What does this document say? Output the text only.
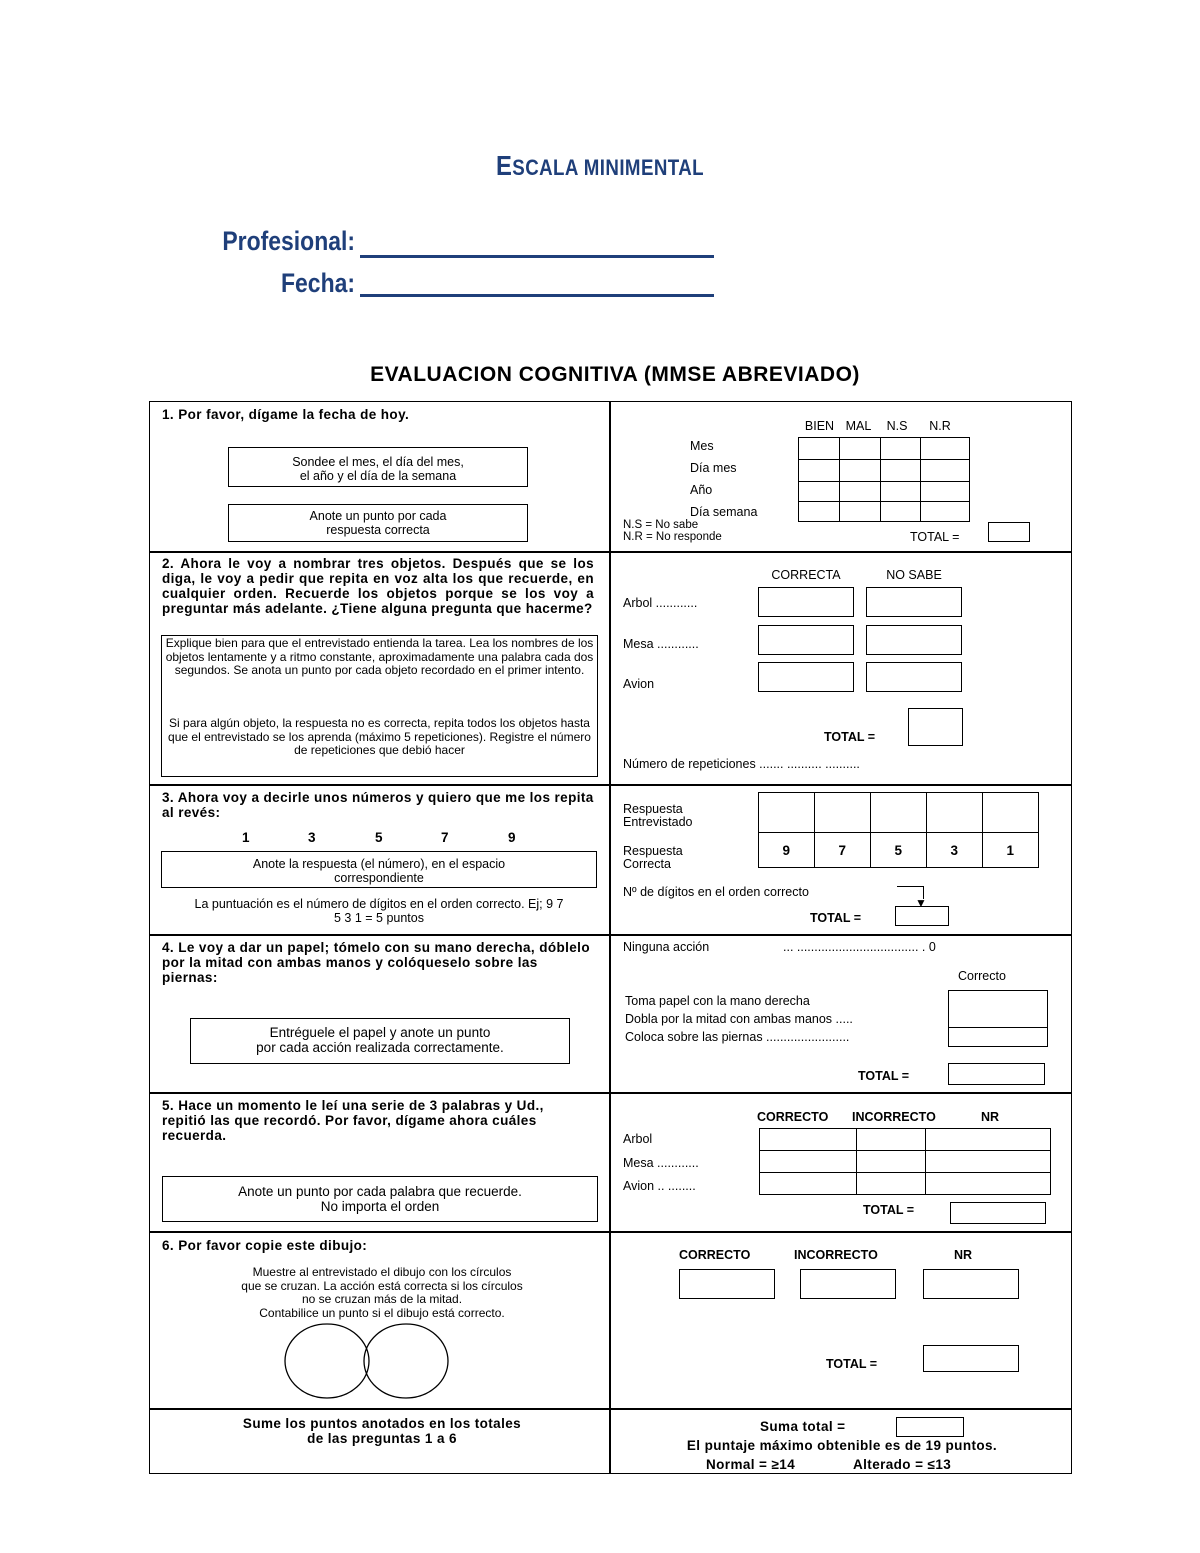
ESCALA MINIMENTAL
Profesional:
Fecha:
EVALUACION COGNITIVA (MMSE ABREVIADO)
1. Por favor, dígame la fecha de hoy.
Sondee el mes, el día del mes,
el año y el día de la semana
Anote un punto por cada
respuesta correcta
BIEN MAL	N.S	N.R
Mes
Día mes
Año
Día semana

N.S = No sabe
N.R = No responde	TOTAL =
2. Ahora le voy a nombrar tres objetos. Después que se los diga, le voy a pedir que repita en voz alta los que recuerde, en cualquier orden. Recuerde los objetos porque se los voy a preguntar más adelante. ¿Tiene alguna pregunta que hacerme?
Explique bien para que el entrevistado entienda la tarea. Lea los nombres de los objetos lentamente y a ritmo constante, aproximadamente una palabra cada dos segundos. Se anota un punto por cada objeto recordado en el primer intento.
Si para algún objeto, la respuesta no es correcta, repita todos los objetos hasta que el entrevistado se los aprenda (máximo 5 repeticiones). Registre el número de repeticiones que debió hacer
CORRECTA	NO SABE
Arbol ............
Mesa ............
Avion
TOTAL =
Número de repeticiones ....... .......... ..........
3. Ahora voy a decirle unos números y quiero que me los repita al revés:
1	3	5	7	9
Anote la respuesta (el número), en el espacio correspondiente
La puntuación es el número de dígitos en el orden correcto. Ej; 9 7 5 3 1 = 5 puntos
Respuesta
Entrevistado
Respuesta
Correcta

9	7	5	3	1
Nº de dígitos en el orden correcto
▼
TOTAL =
4. Le voy a dar un papel; tómelo con su mano derecha, dóblelo por la mitad con ambas manos y colóqueselo sobre las piernas:
Entréguele el papel y anote un punto
por cada acción realizada correctamente.
Ninguna acción	... ................................... . 0
Correcto
Toma papel con la mano derecha
Dobla por la mitad con ambas manos .....
Coloca sobre las piernas ........................

TOTAL =
5. Hace un momento le leí una serie de 3 palabras y Ud., repitió las que recordó. Por favor, dígame ahora cuáles recuerda.
Anote un punto por cada palabra que recuerde.
No importa el orden
CORRECTO INCORRECTO	NR
Arbol
Mesa ............
Avion .. ........

TOTAL =
6. Por favor copie este dibujo:
Muestre al entrevistado el dibujo con los círculos
que se cruzan. La acción está correcta si los círculos
no se cruzan más de la mitad.
Contabilice un punto si el dibujo está correcto.
CORRECTO	INCORRECTO	NR
TOTAL =
Sume los puntos anotados en los totales
de las preguntas 1 a 6
Suma total =
El puntaje máximo obtenible es de 19 puntos.
Normal = ≥14	Alterado = ≤13
